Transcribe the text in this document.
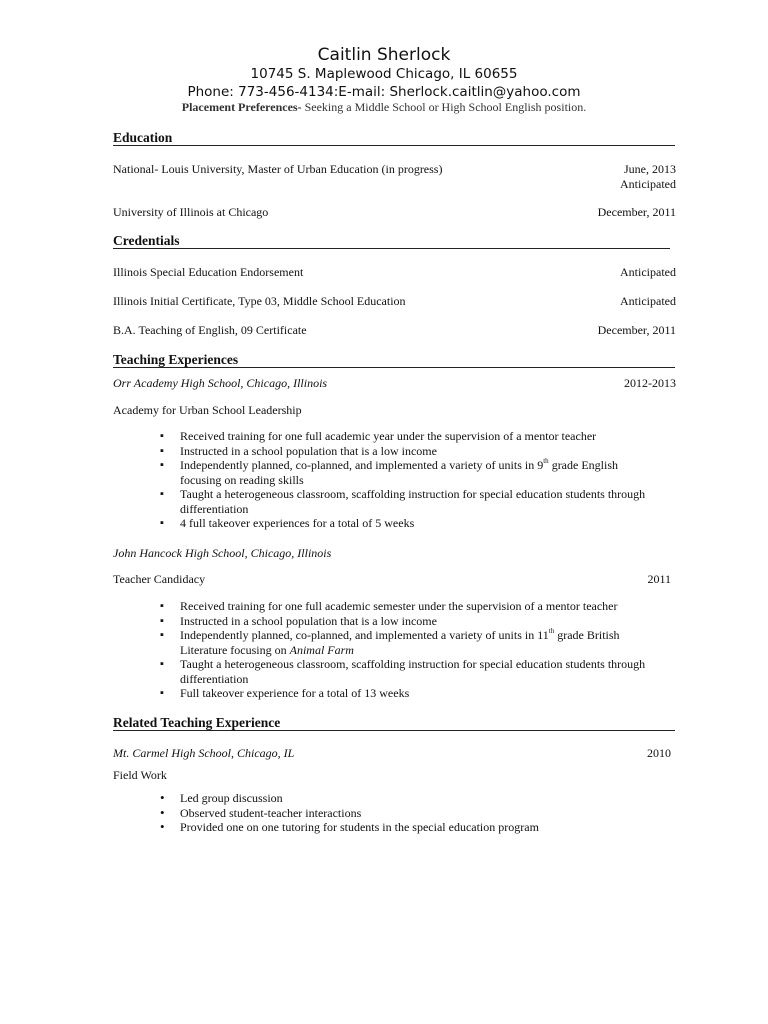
Caitlin Sherlock
10745 S. Maplewood Chicago, IL 60655
Phone: 773-456-4134:E-mail: Sherlock.caitlin@yahoo.com
Placement Preferences- Seeking a Middle School or High School English position.
Education
National- Louis University, Master of Urban Education (in progress)	June, 2013
Anticipated
University of Illinois at Chicago	December, 2011
Credentials
Illinois Special Education Endorsement	Anticipated
Illinois Initial Certificate, Type 03, Middle School Education	Anticipated
B.A. Teaching of English, 09 Certificate	December, 2011
Teaching Experiences
Orr Academy High School, Chicago, Illinois	2012-2013
Academy for Urban School Leadership
▪ Received training for one full academic year under the supervision of a mentor teacher
▪ Instructed in a school population that is a low income
▪ Independently planned, co-planned, and implemented a variety of units in 9th grade English
focusing on reading skills
▪ Taught a heterogeneous classroom, scaffolding instruction for special education students through
differentiation
▪ 4 full takeover experiences for a total of 5 weeks
John Hancock High School, Chicago, Illinois
Teacher Candidacy	2011
▪ Received training for one full academic semester under the supervision of a mentor teacher
▪ Instructed in a school population that is a low income
▪ Independently planned, co-planned, and implemented a variety of units in 11th grade British
Literature focusing on Animal Farm
▪ Taught a heterogeneous classroom, scaffolding instruction for special education students through
differentiation
▪ Full takeover experience for a total of 13 weeks
Related Teaching Experience
Mt. Carmel High School, Chicago, IL	2010
Field Work
• Led group discussion
• Observed student-teacher interactions
• Provided one on one tutoring for students in the special education program
